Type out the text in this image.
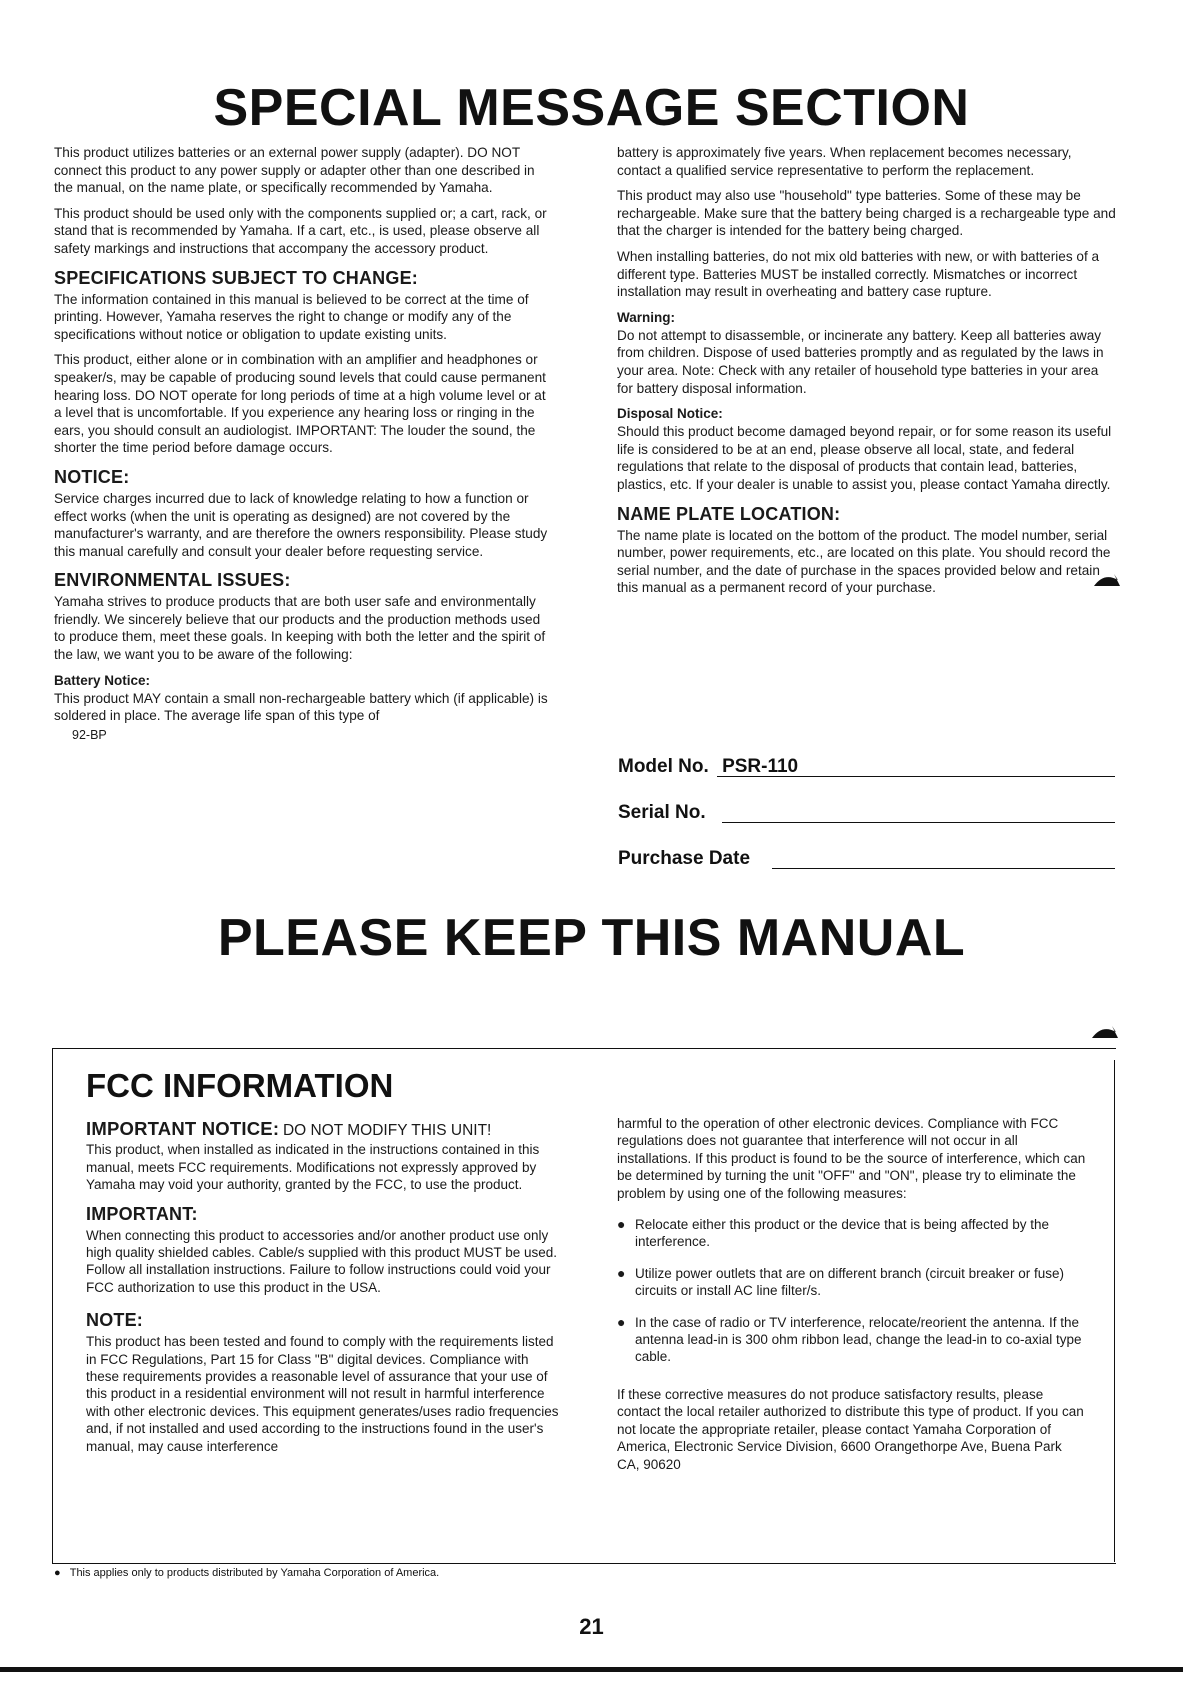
SPECIAL MESSAGE SECTION

This product utilizes batteries or an external power supply (adapter). DO NOT connect this product to any power supply or adapter other than one described in the manual, on the name plate, or specifically recommended by Yamaha.

This product should be used only with the components supplied or; a cart, rack, or stand that is recommended by Yamaha. If a cart, etc., is used, please observe all safety markings and instructions that accompany the accessory product.

SPECIFICATIONS SUBJECT TO CHANGE:

The information contained in this manual is believed to be correct at the time of printing. However, Yamaha reserves the right to change or modify any of the specifications without notice or obligation to update existing units.

This product, either alone or in combination with an amplifier and headphones or speaker/s, may be capable of producing sound levels that could cause permanent hearing loss. DO NOT operate for long periods of time at a high volume level or at a level that is uncomfortable. If you experience any hearing loss or ringing in the ears, you should consult an audiologist. IMPORTANT: The louder the sound, the shorter the time period before damage occurs.

NOTICE:

Service charges incurred due to lack of knowledge relating to how a function or effect works (when the unit is operating as designed) are not covered by the manufacturer's warranty, and are therefore the owners responsibility. Please study this manual carefully and consult your dealer before requesting service.

ENVIRONMENTAL ISSUES:

Yamaha strives to produce products that are both user safe and environmentally friendly. We sincerely believe that our products and the production methods used to produce them, meet these goals. In keeping with both the letter and the spirit of the law, we want you to be aware of the following:

Battery Notice:

This product MAY contain a small non-rechargeable battery which (if applicable) is soldered in place. The average life span of this type of

92-BP

battery is approximately five years. When replacement becomes necessary, contact a qualified service representative to perform the replacement.

This product may also use "household" type batteries. Some of these may be rechargeable. Make sure that the battery being charged is a rechargeable type and that the charger is intended for the battery being charged.

When installing batteries, do not mix old batteries with new, or with batteries of a different type. Batteries MUST be installed correctly. Mismatches or incorrect installation may result in overheating and battery case rupture.

Warning:

Do not attempt to disassemble, or incinerate any battery. Keep all batteries away from children. Dispose of used batteries promptly and as regulated by the laws in your area. Note: Check with any retailer of household type batteries in your area for battery disposal information.

Disposal Notice:

Should this product become damaged beyond repair, or for some reason its useful life is considered to be at an end, please observe all local, state, and federal regulations that relate to the disposal of products that contain lead, batteries, plastics, etc. If your dealer is unable to assist you, please contact Yamaha directly.

NAME PLATE LOCATION:

The name plate is located on the bottom of the product. The model number, serial number, power requirements, etc., are located on this plate. You should record the serial number, and the date of purchase in the spaces provided below and retain this manual as a permanent record of your purchase.

Model No. PSR-110
Serial No.
Purchase Date
PLEASE KEEP THIS MANUAL
FCC INFORMATION
IMPORTANT NOTICE: DO NOT MODIFY THIS UNIT!

This product, when installed as indicated in the instructions contained in this manual, meets FCC requirements. Modifications not expressly approved by Yamaha may void your authority, granted by the FCC, to use the product.

IMPORTANT:

When connecting this product to accessories and/or another product use only high quality shielded cables. Cable/s supplied with this product MUST be used. Follow all installation instructions. Failure to follow instructions could void your FCC authorization to use this product in the USA.

NOTE:

This product has been tested and found to comply with the requirements listed in FCC Regulations, Part 15 for Class "B" digital devices. Compliance with these requirements provides a reasonable level of assurance that your use of this product in a residential environment will not result in harmful interference with other electronic devices. This equipment generates/uses radio frequencies and, if not installed and used according to the instructions found in the user's manual, may cause interference

harmful to the operation of other electronic devices. Compliance with FCC regulations does not guarantee that interference will not occur in all installations. If this product is found to be the source of interference, which can be determined by turning the unit "OFF" and "ON", please try to eliminate the problem by using one of the following measures:

● Relocate either this product or the device that is being affected by the interference.
● Utilize power outlets that are on different branch (circuit breaker or fuse) circuits or install AC line filter/s.
● In the case of radio or TV interference, relocate/reorient the antenna. If the antenna lead-in is 300 ohm ribbon lead, change the lead-in to co-axial type cable.

If these corrective measures do not produce satisfactory results, please contact the local retailer authorized to distribute this type of product. If you can not locate the appropriate retailer, please contact Yamaha Corporation of America, Electronic Service Division, 6600 Orangethorpe Ave, Buena Park CA, 90620

● This applies only to products distributed by Yamaha Corporation of America.
21
